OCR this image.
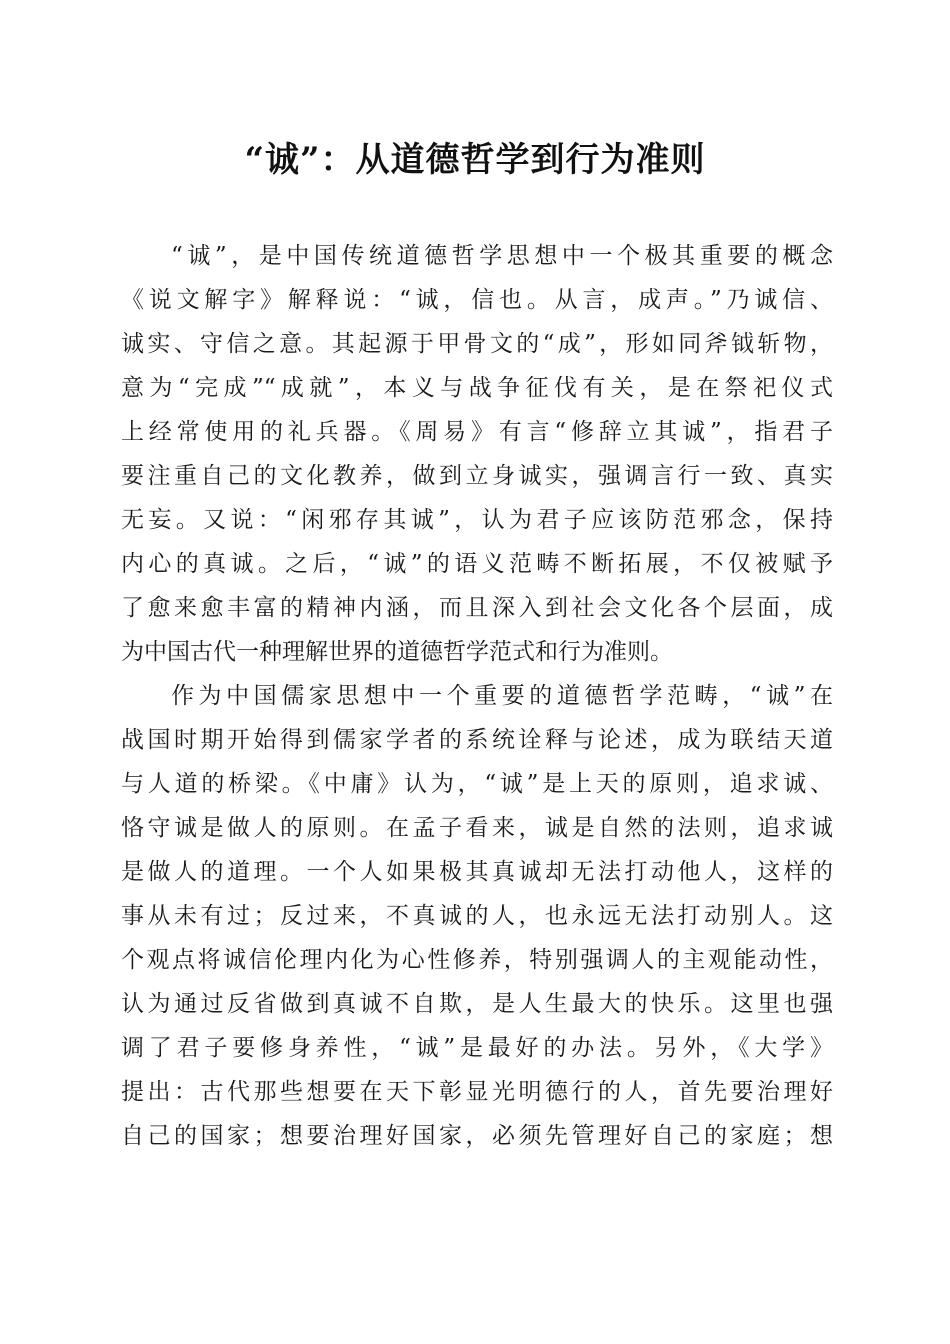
“诚”：从道德哲学到行为准则
“诚”，是中国传统道德哲学思想中一个极其重要的概念
《说文解字》解释说：“诚，信也。从言，成声。”乃诚信、
诚实、守信之意。其起源于甲骨文的“成”，形如同斧钺斩物，
意为“完成”“成就”，本义与战争征伐有关，是在祭祀仪式
上经常使用的礼兵器。《周易》有言“修辞立其诚”，指君子
要注重自己的文化教养，做到立身诚实，强调言行一致、真实
无妄。又说：“闲邪存其诚”，认为君子应该防范邪念，保持
内心的真诚。之后，“诚”的语义范畴不断拓展，不仅被赋予
了愈来愈丰富的精神内涵，而且深入到社会文化各个层面，成
为中国古代一种理解世界的道德哲学范式和行为准则。
作为中国儒家思想中一个重要的道德哲学范畴，“诚”在
战国时期开始得到儒家学者的系统诠释与论述，成为联结天道
与人道的桥梁。《中庸》认为，“诚”是上天的原则，追求诚、
恪守诚是做人的原则。在孟子看来，诚是自然的法则，追求诚
是做人的道理。一个人如果极其真诚却无法打动他人，这样的
事从未有过；反过来，不真诚的人，也永远无法打动别人。这
个观点将诚信伦理内化为心性修养，特别强调人的主观能动性，
认为通过反省做到真诚不自欺，是人生最大的快乐。这里也强
调了君子要修身养性，“诚”是最好的办法。另外，《大学》
提出：古代那些想要在天下彰显光明德行的人，首先要治理好
自己的国家；想要治理好国家，必须先管理好自己的家庭；想
